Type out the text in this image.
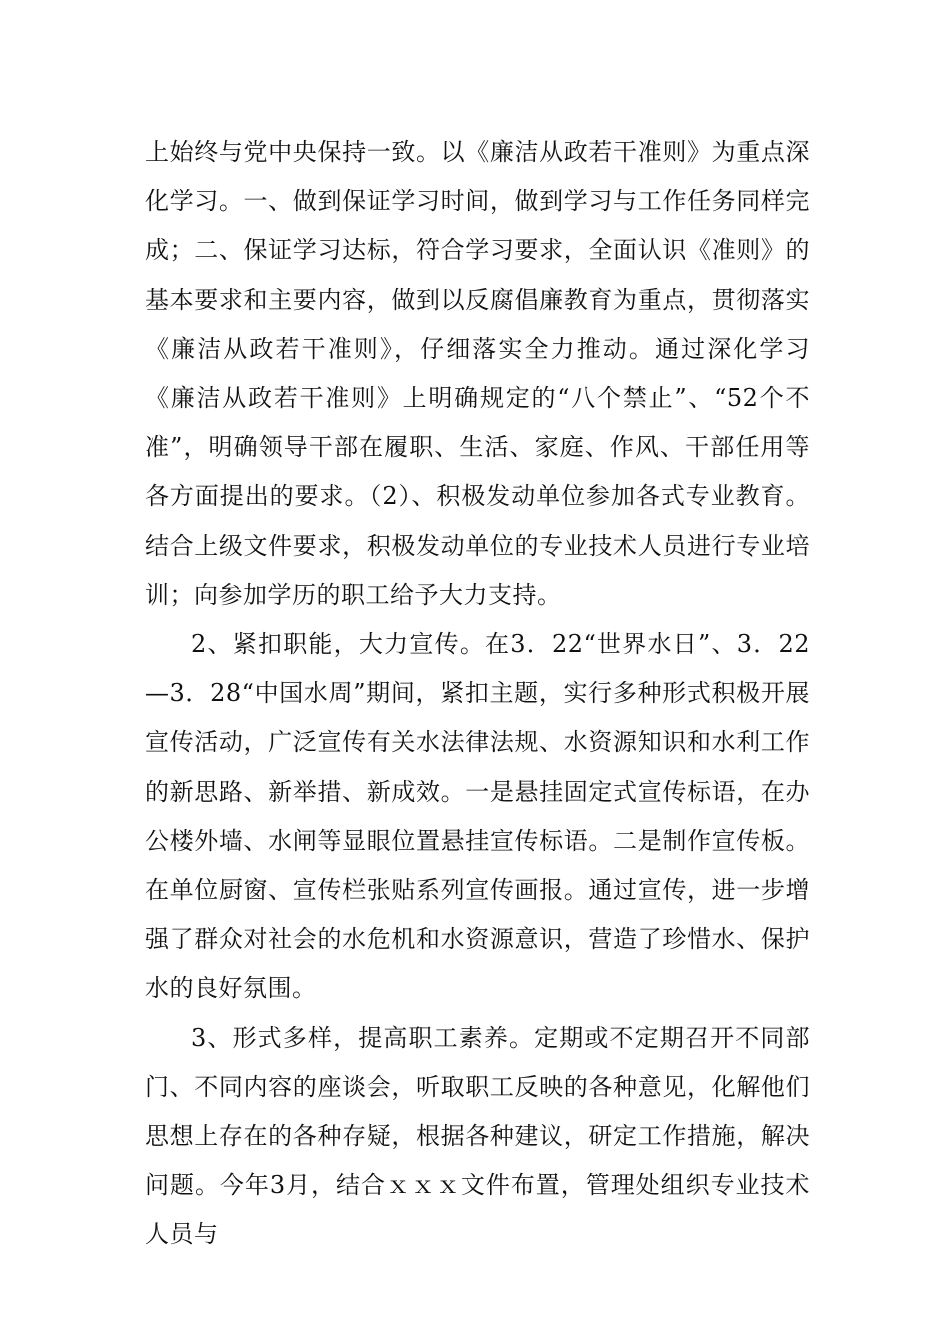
上始终与党中央保持一致。以《廉洁从政若干准则》为重点深化学习。一、做到保证学习时间，做到学习与工作任务同样完成；二、保证学习达标，符合学习要求，全面认识《准则》的基本要求和主要内容，做到以反腐倡廉教育为重点，贯彻落实《廉洁从政若干准则》，仔细落实全力推动。通过深化学习《廉洁从政若干准则》上明确规定的“八个禁止”、“52个不准”，明确领导干部在履职、生活、家庭、作风、干部任用等各方面提出的要求。（2）、积极发动单位参加各式专业教育。结合上级文件要求，积极发动单位的专业技术人员进行专业培训；向参加学历的职工给予大力支持。

2、紧扣职能，大力宣传。在3．22“世界水日”、3．22—3．28“中国水周”期间，紧扣主题，实行多种形式积极开展宣传活动，广泛宣传有关水法律法规、水资源知识和水利工作的新思路、新举措、新成效。一是悬挂固定式宣传标语，在办公楼外墙、水闸等显眼位置悬挂宣传标语。二是制作宣传板。在单位厨窗、宣传栏张贴系列宣传画报。通过宣传，进一步增强了群众对社会的水危机和水资源意识，营造了珍惜水、保护水的良好氛围。

3、形式多样，提高职工素养。定期或不定期召开不同部门、不同内容的座谈会，听取职工反映的各种意见，化解他们思想上存在的各种存疑，根据各种建议，研定工作措施，解决问题。今年3月，结合ｘｘｘ文件布置，管理处组织专业技术人员与
